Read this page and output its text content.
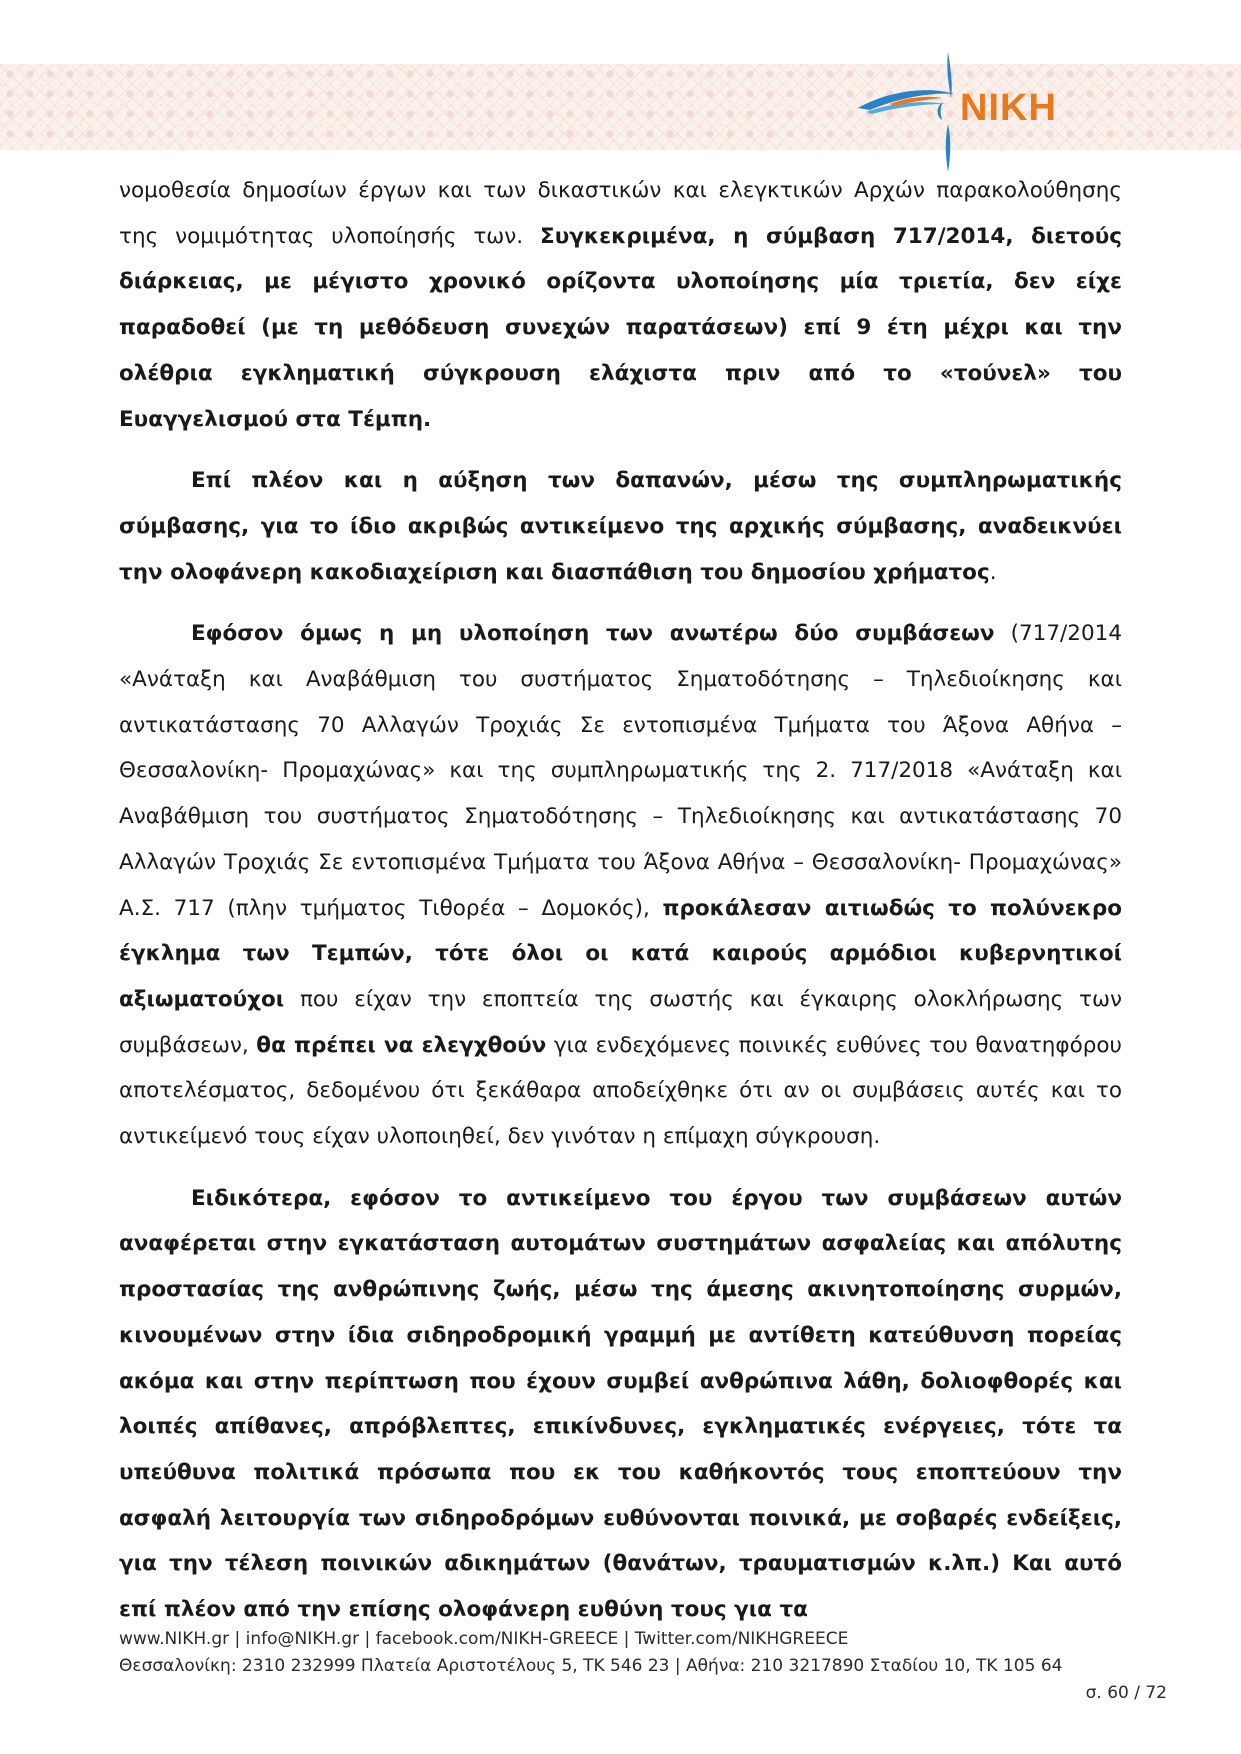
NIKH

νομοθεσία δημοσίων έργων και των δικαστικών και ελεγκτικών Αρχών παρακολούθησης της νομιμότητας υλοποίησής των. Συγκεκριμένα, η σύμβαση 717/2014, διετούς διάρκειας, με μέγιστο χρονικό ορίζοντα υλοποίησης μία τριετία, δεν είχε παραδοθεί (με τη μεθόδευση συνεχών παρατάσεων) επί 9 έτη μέχρι και την ολέθρια εγκληματική σύγκρουση ελάχιστα πριν από το «τούνελ» του Ευαγγελισμού στα Τέμπη.

Επί πλέον και η αύξηση των δαπανών, μέσω της συμπληρωματικής σύμβασης, για το ίδιο ακριβώς αντικείμενο της αρχικής σύμβασης, αναδεικνύει την ολοφάνερη κακοδιαχείριση και διασπάθιση του δημοσίου χρήματος.

Εφόσον όμως η μη υλοποίηση των ανωτέρω δύο συμβάσεων (717/2014 «Ανάταξη και Αναβάθμιση του συστήματος Σηματοδότησης – Τηλεδιοίκησης και αντικατάστασης 70 Αλλαγών Τροχιάς Σε εντοπισμένα Τμήματα του Άξονα Αθήνα – Θεσσαλονίκη- Προμαχώνας» και της συμπληρωματικής της 2. 717/2018 «Ανάταξη και Αναβάθμιση του συστήματος Σηματοδότησης – Τηλεδιοίκησης και αντικατάστασης 70 Αλλαγών Τροχιάς Σε εντοπισμένα Τμήματα του Άξονα Αθήνα – Θεσσαλονίκη- Προμαχώνας» Α.Σ. 717 (πλην τμήματος Τιθορέα – Δομοκός), προκάλεσαν αιτιωδώς το πολύνεκρο έγκλημα των Τεμπών, τότε όλοι οι κατά καιρούς αρμόδιοι κυβερνητικοί αξιωματούχοι που είχαν την εποπτεία της σωστής και έγκαιρης ολοκλήρωσης των συμβάσεων, θα πρέπει να ελεγχθούν για ενδεχόμενες ποινικές ευθύνες του θανατηφόρου αποτελέσματος, δεδομένου ότι ξεκάθαρα αποδείχθηκε ότι αν οι συμβάσεις αυτές και το αντικείμενό τους είχαν υλοποιηθεί, δεν γινόταν η επίμαχη σύγκρουση.

Ειδικότερα, εφόσον το αντικείμενο του έργου των συμβάσεων αυτών αναφέρεται στην εγκατάσταση αυτομάτων συστημάτων ασφαλείας και απόλυτης προστασίας της ανθρώπινης ζωής, μέσω της άμεσης ακινητοποίησης συρμών, κινουμένων στην ίδια σιδηροδρομική γραμμή με αντίθετη κατεύθυνση πορείας ακόμα και στην περίπτωση που έχουν συμβεί ανθρώπινα λάθη, δολιοφθορές και λοιπές απίθανες, απρόβλεπτες, επικίνδυνες, εγκληματικές ενέργειες, τότε τα υπεύθυνα πολιτικά πρόσωπα που εκ του καθήκοντός τους εποπτεύουν την ασφαλή λειτουργία των σιδηροδρόμων ευθύνονται ποινικά, με σοβαρές ενδείξεις, για την τέλεση ποινικών αδικημάτων (θανάτων, τραυματισμών κ.λπ.) Και αυτό επί πλέον από την επίσης ολοφάνερη ευθύνη τους για τα

www.NIKH.gr | info@NIKH.gr | facebook.com/NIKH-GREECE | Twitter.com/NIKHGREECE
Θεσσαλονίκη: 2310 232999 Πλατεία Αριστοτέλους 5, ΤΚ 546 23 | Αθήνα: 210 3217890 Σταδίου 10, ΤΚ 105 64
σ. 60 / 72
